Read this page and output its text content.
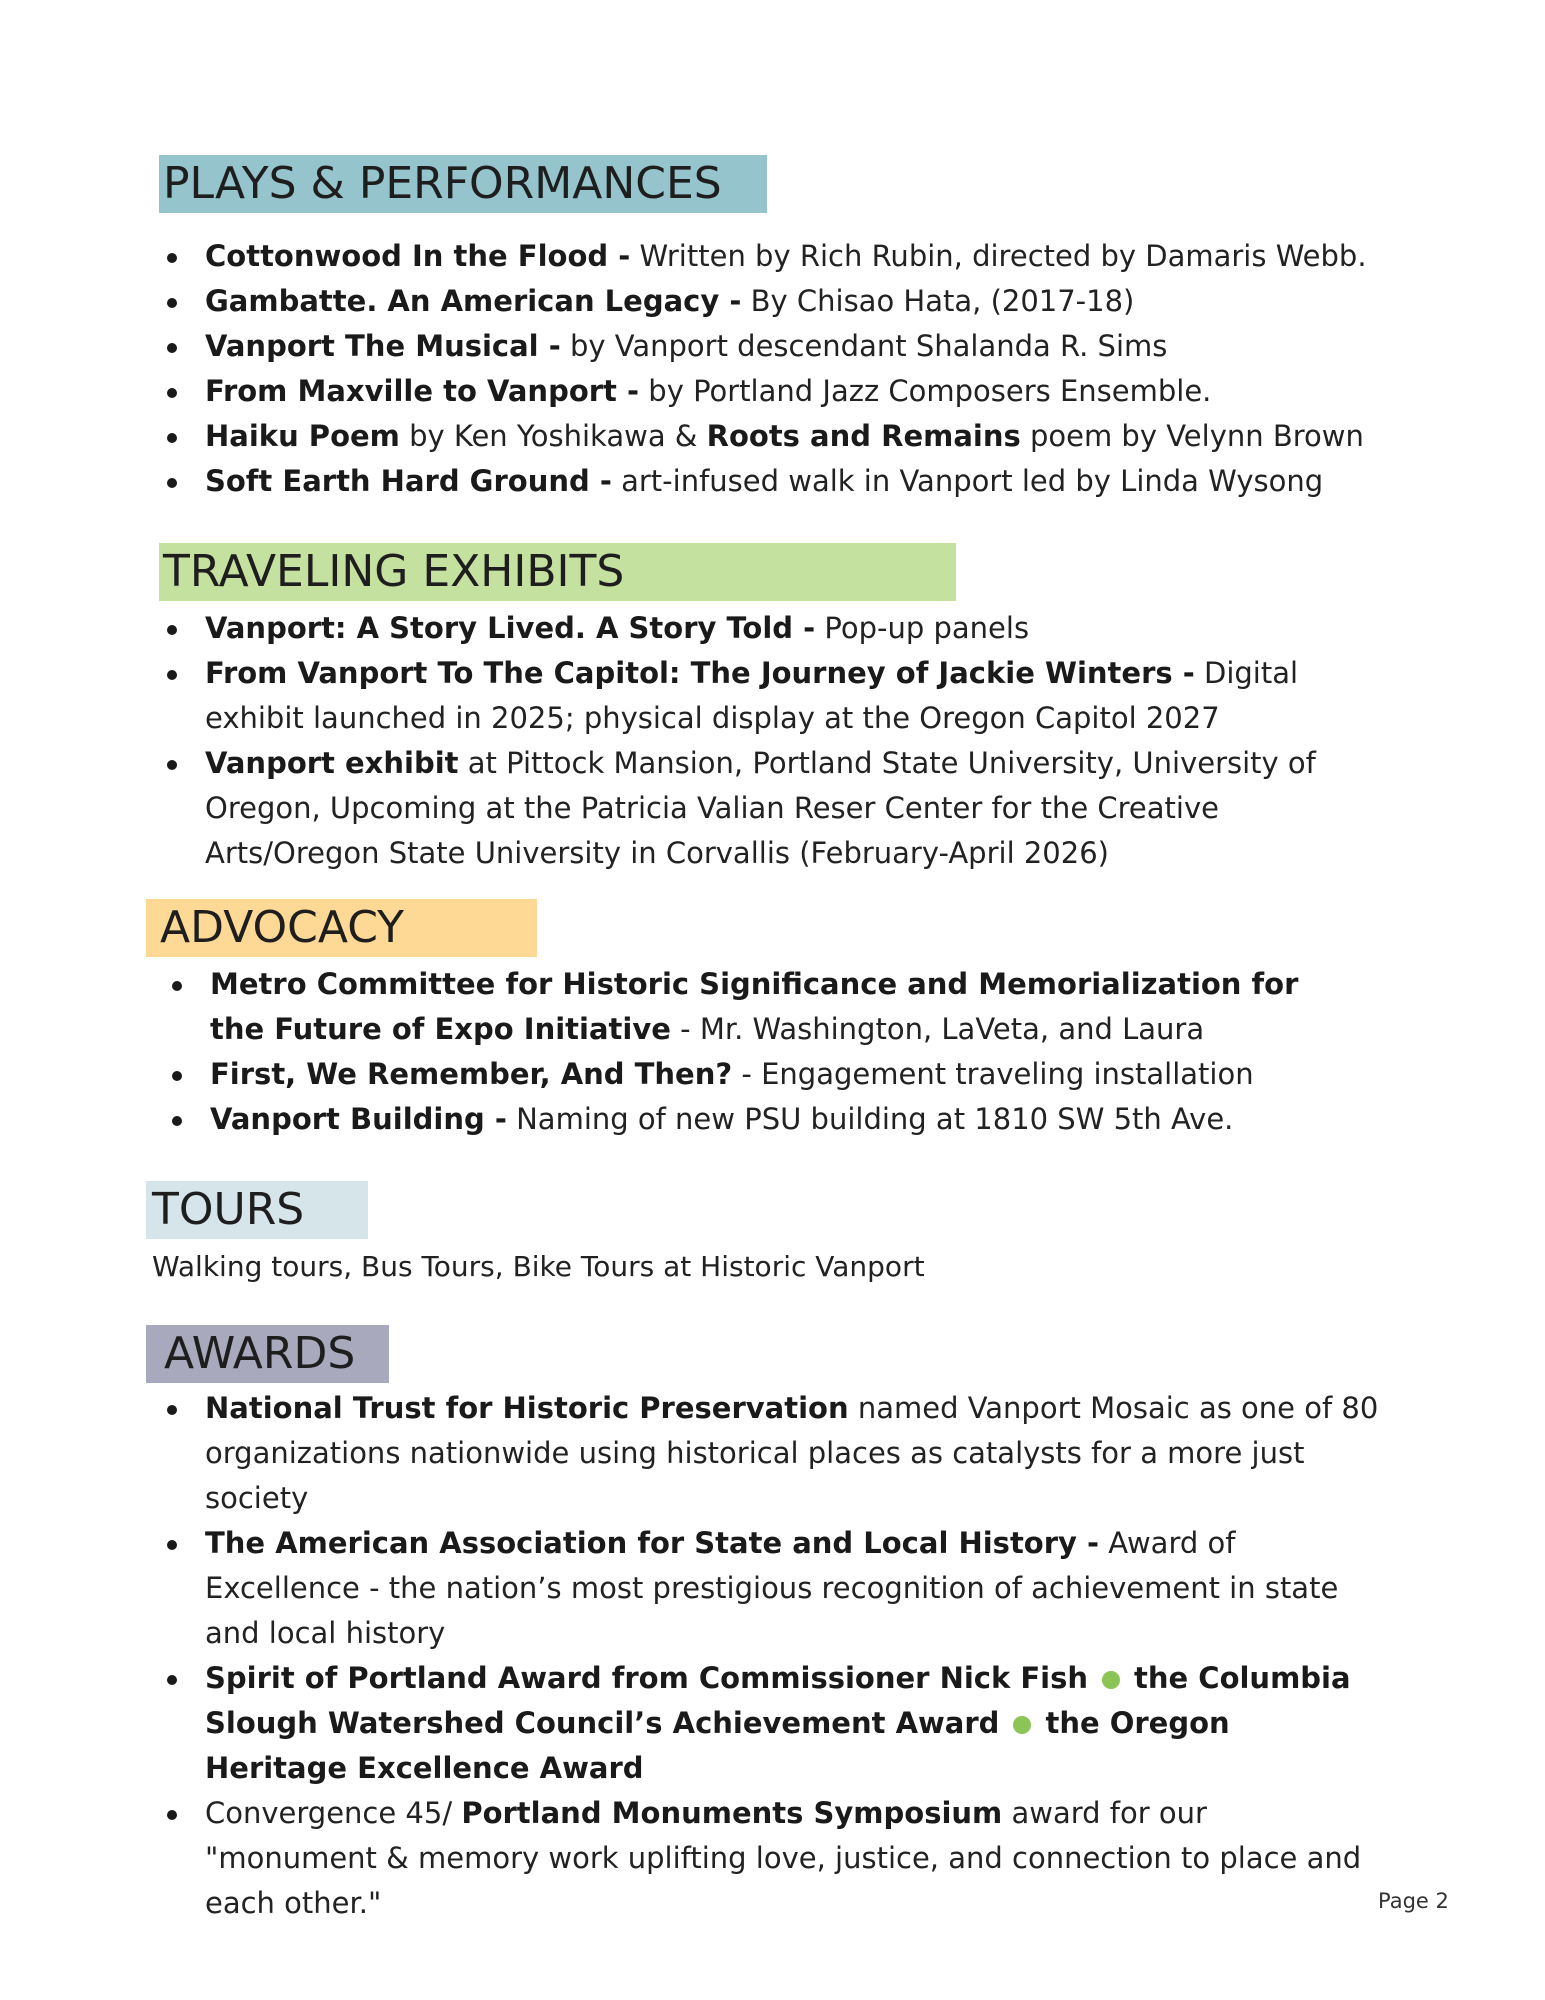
PLAYS & PERFORMANCES
Cottonwood In the Flood - Written by Rich Rubin, directed by Damaris Webb.
Gambatte. An American Legacy - By Chisao Hata, (2017-18)
Vanport The Musical - by Vanport descendant Shalanda R. Sims
From Maxville to Vanport - by Portland Jazz Composers Ensemble.
Haiku Poem by Ken Yoshikawa & Roots and Remains poem by Velynn Brown
Soft Earth Hard Ground - art-infused walk in Vanport led by Linda Wysong
TRAVELING EXHIBITS
Vanport: A Story Lived. A Story Told - Pop-up panels
From Vanport To The Capitol: The Journey of Jackie Winters - Digital exhibit launched in 2025; physical display at the Oregon Capitol 2027
Vanport exhibit at Pittock Mansion, Portland State University, University of Oregon, Upcoming at the Patricia Valian Reser Center for the Creative Arts/Oregon State University in Corvallis (February-April 2026)
ADVOCACY
Metro Committee for Historic Significance and Memorialization for the Future of Expo Initiative - Mr. Washington, LaVeta, and Laura
First, We Remember, And Then? - Engagement traveling installation
Vanport Building - Naming of new PSU building at 1810 SW 5th Ave.
TOURS
Walking tours, Bus Tours, Bike Tours at Historic Vanport
AWARDS
National Trust for Historic Preservation named Vanport Mosaic as one of 80 organizations nationwide using historical places as catalysts for a more just society
The American Association for State and Local History - Award of Excellence - the nation’s most prestigious recognition of achievement in state and local history
Spirit of Portland Award from Commissioner Nick Fish the Columbia Slough Watershed Council’s Achievement Award the Oregon Heritage Excellence Award
Convergence 45/ Portland Monuments Symposium award for our "monument & memory work uplifting love, justice, and connection to place and each other."	Page 2
